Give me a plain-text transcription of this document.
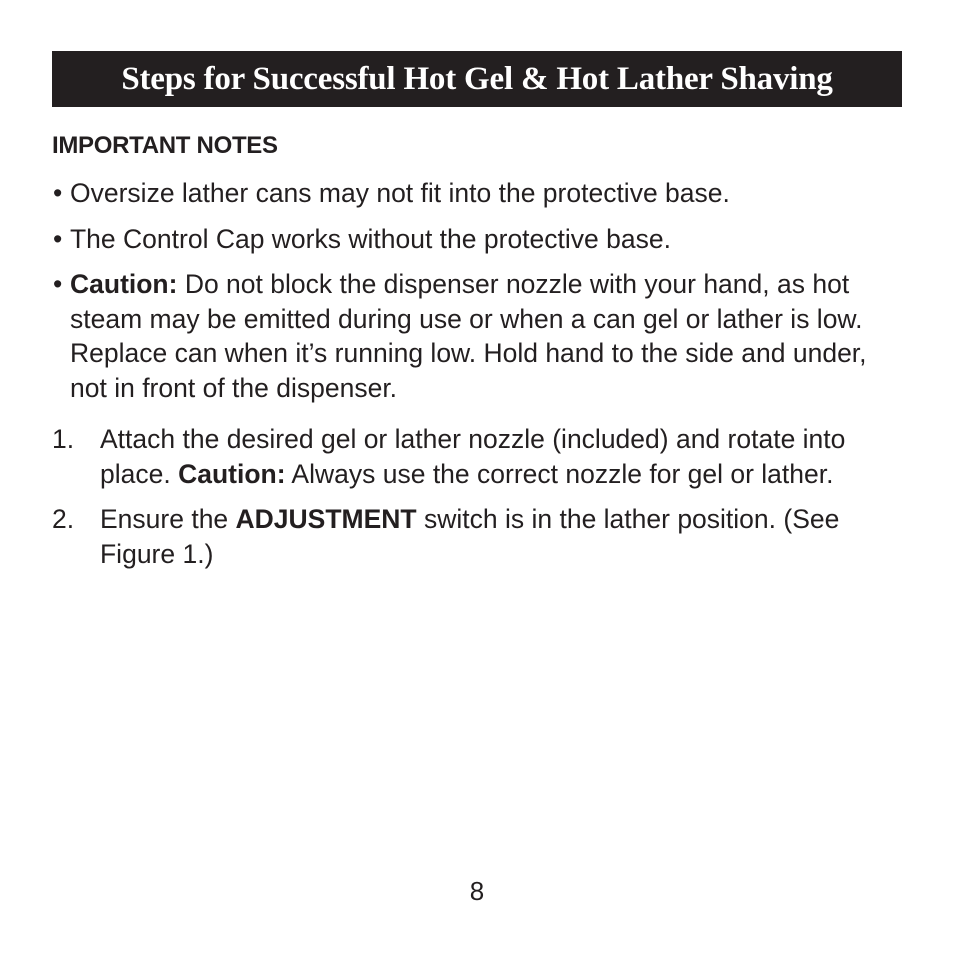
Steps for Successful Hot Gel & Hot Lather Shaving
IMPORTANT NOTES
• Oversize lather cans may not fit into the protective base.
• The Control Cap works without the protective base.
• Caution: Do not block the dispenser nozzle with your hand, as hot steam may be emitted during use or when a can gel or lather is low. Replace can when it’s running low. Hold hand to the side and under, not in front of the dispenser.
1. Attach the desired gel or lather nozzle (included) and rotate into place. Caution: Always use the correct nozzle for gel or lather.
2. Ensure the ADJUSTMENT switch is in the lather position. (See Figure 1.)
8
